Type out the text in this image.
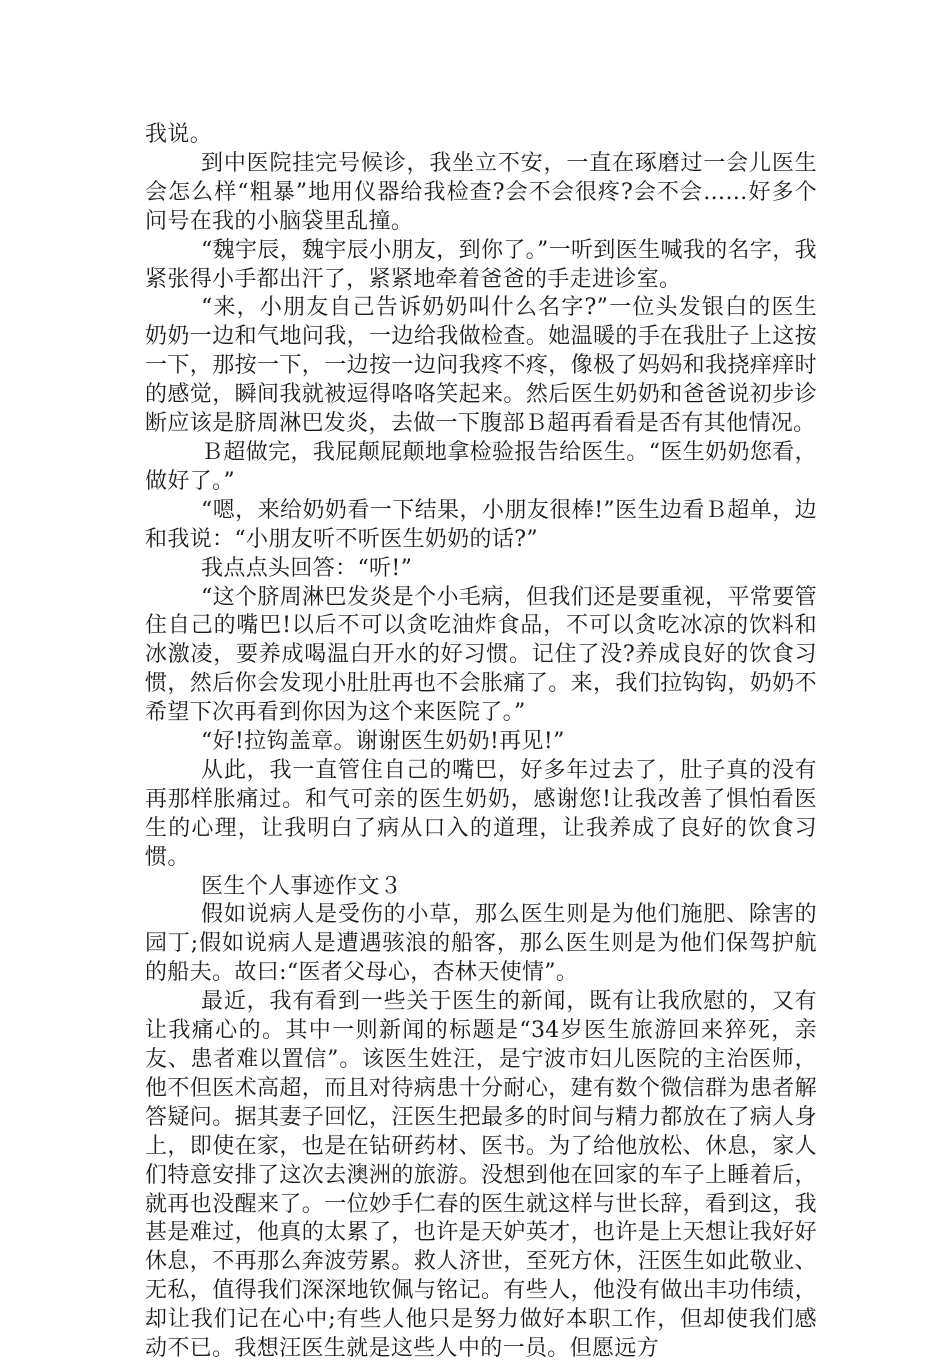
我说。

到中医院挂完号候诊，我坐立不安，一直在琢磨过一会儿医生会怎么样“粗暴”地用仪器给我检查?会不会很疼?会不会……好多个问号在我的小脑袋里乱撞。

“魏宇辰，魏宇辰小朋友，到你了。”一听到医生喊我的名字，我紧张得小手都出汗了，紧紧地牵着爸爸的手走进诊室。

“来，小朋友自己告诉奶奶叫什么名字?”一位头发银白的医生奶奶一边和气地问我，一边给我做检查。她温暖的手在我肚子上这按一下，那按一下，一边按一边问我疼不疼，像极了妈妈和我挠痒痒时的感觉，瞬间我就被逗得咯咯笑起来。然后医生奶奶和爸爸说初步诊断应该是脐周淋巴发炎，去做一下腹部Ｂ超再看看是否有其他情况。

Ｂ超做完，我屁颠屁颠地拿检验报告给医生。“医生奶奶您看，做好了。”

“嗯，来给奶奶看一下结果，小朋友很棒!”医生边看Ｂ超单，边和我说：“小朋友听不听医生奶奶的话?”

我点点头回答：“听!”

“这个脐周淋巴发炎是个小毛病，但我们还是要重视，平常要管住自己的嘴巴!以后不可以贪吃油炸食品，不可以贪吃冰凉的饮料和冰激凌，要养成喝温白开水的好习惯。记住了没?养成良好的饮食习惯，然后你会发现小肚肚再也不会胀痛了。来，我们拉钩钩，奶奶不希望下次再看到你因为这个来医院了。”

“好!拉钩盖章。谢谢医生奶奶!再见!”

从此，我一直管住自己的嘴巴，好多年过去了，肚子真的没有再那样胀痛过。和气可亲的医生奶奶，感谢您!让我改善了惧怕看医生的心理，让我明白了病从口入的道理，让我养成了良好的饮食习惯。

医生个人事迹作文３

假如说病人是受伤的小草，那么医生则是为他们施肥、除害的园丁;假如说病人是遭遇骇浪的船客，那么医生则是为他们保驾护航的船夫。故曰:“医者父母心，杏林天使情”。

最近，我有看到一些关于医生的新闻，既有让我欣慰的，又有让我痛心的。其中一则新闻的标题是“34岁医生旅游回来猝死，亲友、患者难以置信”。该医生姓汪，是宁波市妇儿医院的主治医师，他不但医术高超，而且对待病患十分耐心，建有数个微信群为患者解答疑问。据其妻子回忆，汪医生把最多的时间与精力都放在了病人身上，即使在家，也是在钻研药材、医书。为了给他放松、休息，家人们特意安排了这次去澳洲的旅游。没想到他在回家的车子上睡着后，就再也没醒来了。一位妙手仁春的医生就这样与世长辞，看到这，我甚是难过，他真的太累了，也许是天妒英才，也许是上天想让我好好休息，不再那么奔波劳累。救人济世，至死方休，汪医生如此敬业、无私，值得我们深深地钦佩与铭记。有些人，他没有做出丰功伟绩，却让我们记在心中;有些人他只是努力做好本职工作，但却使我们感动不已。我想汪医生就是这些人中的一员。但愿远方
